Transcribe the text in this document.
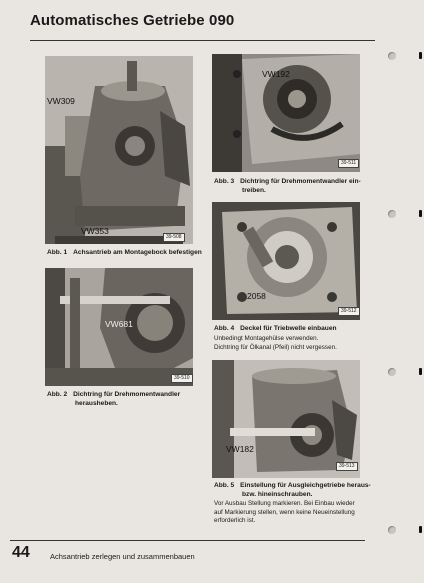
Automatisches Getriebe 090
VW309
VW353
39-508
Abb. 1 Achsantrieb am Montagebock befestigen
VW681
39-510
Abb. 2 Dichtring für Drehmomentwandler
herausheben.
VW192
39-511
Abb. 3 Dichtring für Drehmomentwandler ein-
treiben.
2058
39-512
Abb. 4 Deckel für Triebwelle einbauen
Unbedingt Montagehülse verwenden.
Dichtring für Ölkanal (Pfeil) nicht vergessen.
VW182
39-513
Abb. 5 Einstellung für Ausgleichgetriebe heraus-
bzw. hineinschrauben.
Vor Ausbau Stellung markieren. Bei Einbau wieder
auf Markierung stellen, wenn keine Neueinstellung
erforderlich ist.
44	Achsantrieb zerlegen und zusammenbauen
